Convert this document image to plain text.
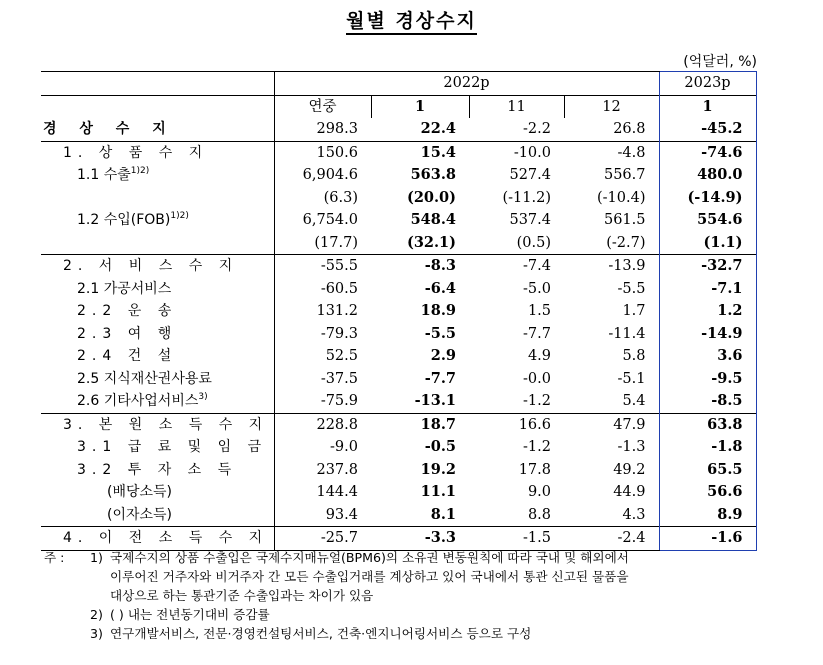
월별 경상수지
(억달러, %)
	2022p				2023p
	연중	1	11	12	1
경 상 수 지	298.3	22.4	-2.2	26.8	-45.2
1. 상 품 수 지	150.6	15.4	-10.0	-4.8	-74.6
1.1 수출$^{1)2)}$	6,904.6	563.8	527.4	556.7	480.0
	(6.3)	(20.0)	(-11.2)	(-10.4)	(-14.9)
1.2 수입(FOB)$^{1)2)}$	6,754.0	548.4	537.4	561.5	554.6
	(17.7)	(32.1)	(0.5)	(-2.7)	(1.1)
2. 서 비 스 수 지	-55.5	-8.3	-7.4	-13.9	-32.7
2.1 가공서비스	-60.5	-6.4	-5.0	-5.5	-7.1
2.2 운 송	131.2	18.9	1.5	1.7	1.2
2.3 여 행	-79.3	-5.5	-7.7	-11.4	-14.9
2.4 건 설	52.5	2.9	4.9	5.8	3.6
2.5 지식재산권사용료	-37.5	-7.7	-0.0	-5.1	-9.5
2.6 기타사업서비스$^{3)}$	-75.9	-13.1	-1.2	5.4	-8.5
3. 본 원 소 득 수 지	228.8	18.7	16.6	47.9	63.8
3.1 급 료 및 임 금	-9.0	-0.5	-1.2	-1.3	-1.8
3.2 투 자 소 득	237.8	19.2	17.8	49.2	65.5
(배당소득)	144.4	11.1	9.0	44.9	56.6
(이자소득)	93.4	8.1	8.8	4.3	8.9
4. 이 전 소 득 수 지	-25.7	-3.3	-1.5	-2.4	-1.6
주 :	1) 국제수지의 상품 수출입은 국제수지매뉴얼(BPM6)의 소유권 변동원칙에 따라 국내 및 해외에서
이루어진 거주자와 비거주자 간 모든 수출입거래를 계상하고 있어 국내에서 통관 신고된 물품을
대상으로 하는 통관기준 수출입과는 차이가 있음
2) ( ) 내는 전년동기대비 증감률
3) 연구개발서비스, 전문·경영컨설팅서비스, 건축·엔지니어링서비스 등으로 구성
